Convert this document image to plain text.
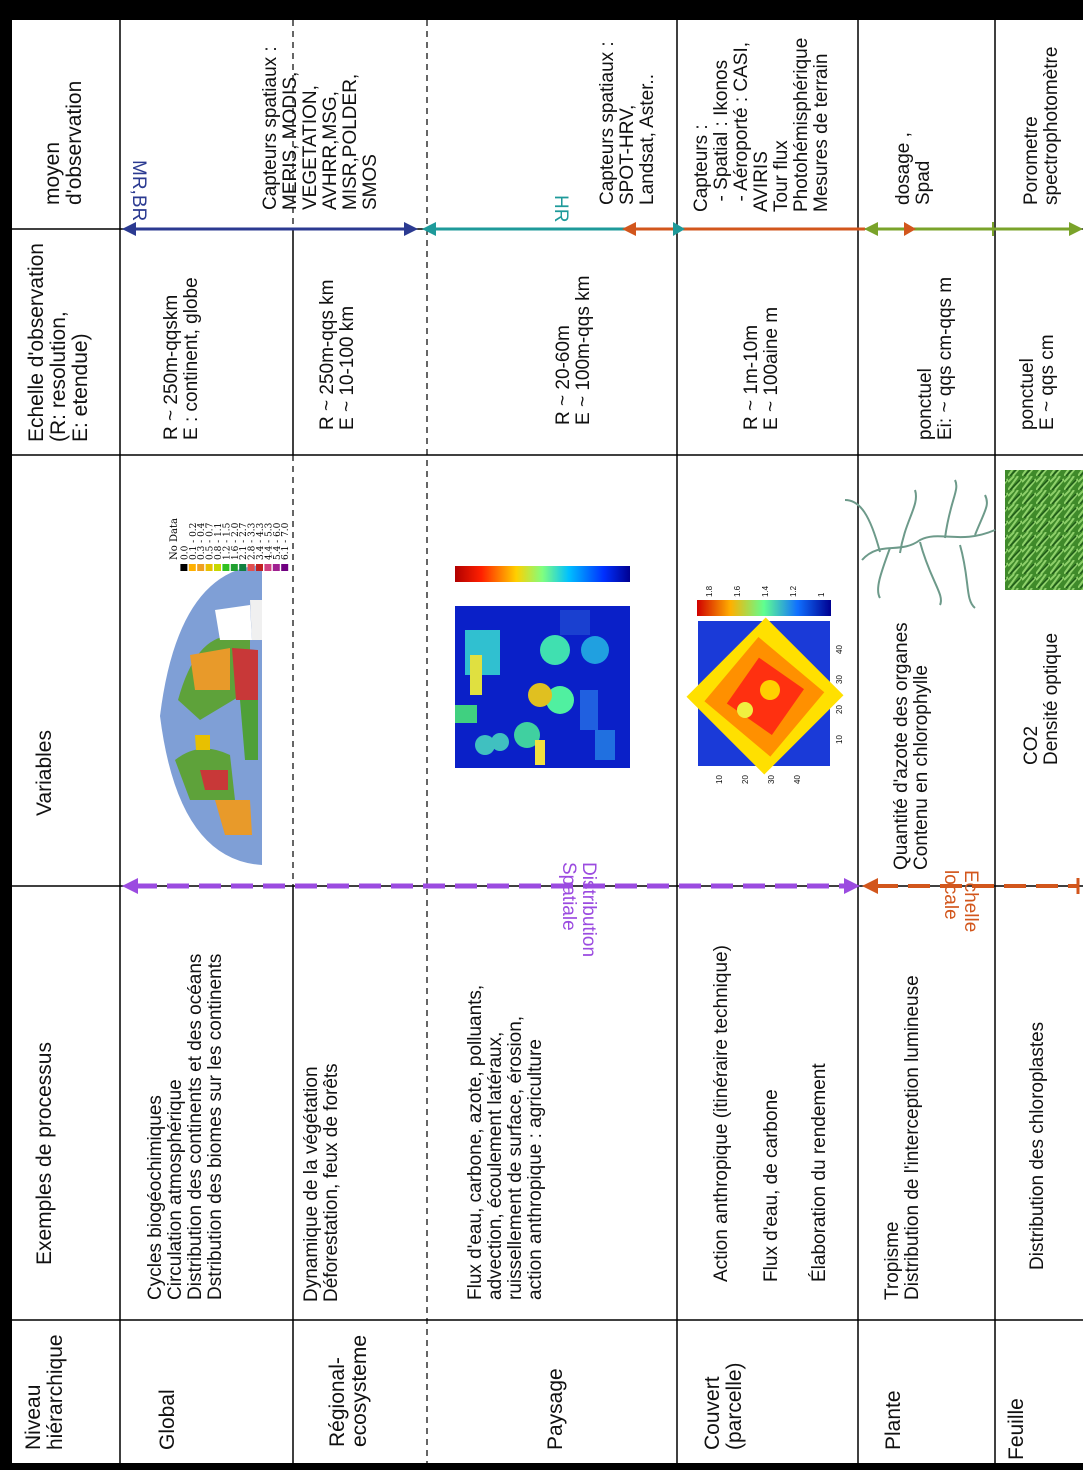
No Data 0.0
0.1 - 0.2
0.3 - 0.4
0.5 - 0.7
0.8 - 1.1
1.2 - 1.5
1.6 - 2.0
2.1 - 2.7
2.8 - 3.3
3.4 - 4.3
4.4 - 5.3
5.4 - 6.0
6.1 - 7.0
1.8 1.6 1.4 1.2 1
10
20
30
40
10 20 30 40
Niveau
hiérarchique
Exemples de processus
Variables
Echelle d'observation
(R: resolution,
E: etendue)
moyen
d'observation
Global
Cycles biogéochimiques
Circulation atmosphérique
Distribution des continents et des océans
Dstribution des biomes sur les continents
R ~ 250m-qqskm
E : continent, globe
Régional-
ecosysteme
Dynamique de la végétation
Déforestation, feux de forêts
R ~ 250m-qqs km
E ~ 10-100 km
Capteurs spatiaux :
MERIS, MODIS,
VEGETATION,
AVHRR,MSG,
MISR,POLDER,
SMOS
Paysage
Flux d'eau, carbone, azote, polluants,
advection, écoulement latéraux,
ruissellement de surface, érosion,
action anthropique : agriculture
R ~ 20-60m
E ~ 100m-qqs km
Capteurs spatiaux :
SPOT-HRV,
Landsat, Aster..
Couvert
(parcelle)
Action anthropique (itinéraire technique) Flux d'eau, de carbone Élaboration du rendement
R ~ 1m-10m
E ~ 100aine m
Capteurs :
- Spatial : Ikonos
- Aéroporté : CASI,
AVIRIS
Tour flux
Photohémisphérique
Mesures de terrain
Plante
Tropisme
Distribution de l'interception lumineuse
Quantité d'azote des organes
Contenu en chlorophylle
ponctuel
Ei: ~ qqs cm-qqs m
dosage ,
Spad
Feuille
Distribution des chloroplastes
CO2
Densité optique
ponctuel
E ~ qqs cm
Porometre
spectrophotomètre
MR,BR	HR
Distribution
Spatiale	Echelle
locale
